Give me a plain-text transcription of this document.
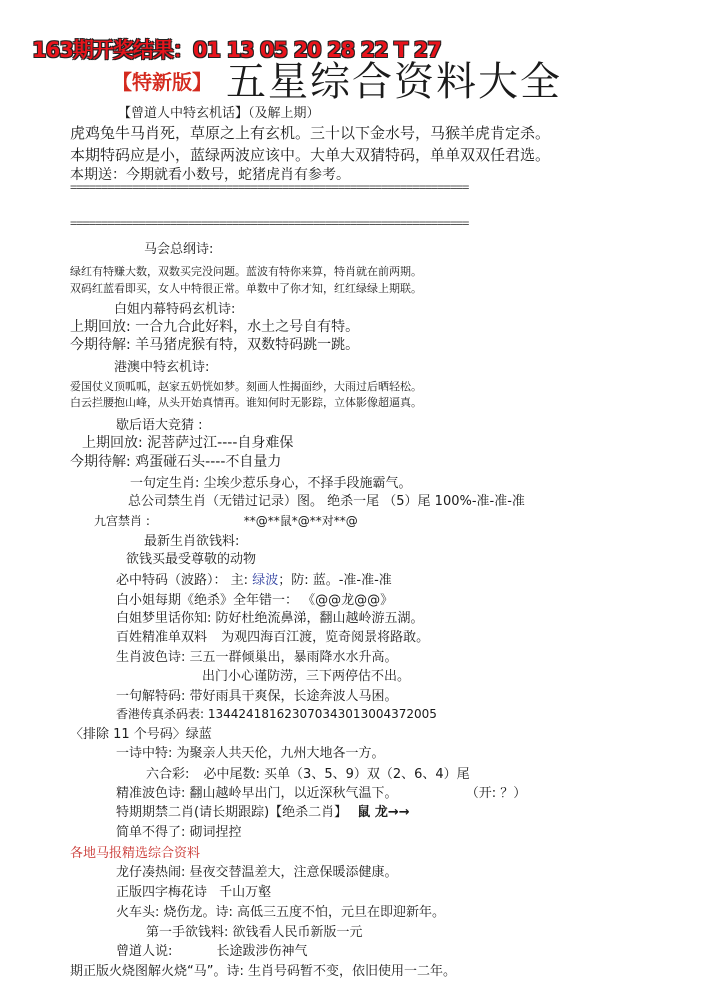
163期开奖结果：01 13 05 20 28 22 T 27
【特新版】 五星综合资料大全
【曾道人中特玄机话】（及解上期）
虎鸡兔牛马肖死，草原之上有玄机。三十以下金水号，马猴羊虎肯定杀。
本期特码应是小，蓝绿两波应该中。大单大双猜特码，单单双双任君选。
本期送：今期就看小数号，蛇猪虎肖有参考。
================================================================
================================================================
马会总纲诗:
绿红有特赚大数，双数买完没问题。蓝波有特你来算，特肖就在前两期。
双码红蓝看即买，女人中特很正常。单数中了你才知，红红绿绿上期联。
白姐内幕特码玄机诗:
上期回放: 一合九合此好料，水土之号自有特。
今期待解: 羊马猪虎猴有特，双数特码跳一跳。
港澳中特玄机诗:
爱国仗义顶呱呱，赵家五奶恍如梦。刻画人性揭面纱，大雨过后晒轻松。
白云拦腰抱山峰，从头开始真情再。谁知何时无影踪，立体影像超逼真。
歇后语大竞猜 :
上期回放: 泥菩萨过江----自身难保
今期待解: 鸡蛋碰石头----不自量力
一句定生肖: 尘埃少惹乐身心，不择手段施霸气。
总公司禁生肖（无错过记录）图。 绝杀一尾 （5）尾 100%-准-准-准
九宫禁肖 :	**@**鼠*@**对**@
最新生肖欲钱料:
欲钱买最受尊敬的动物
必中特码（波路）： 主: 绿波；防: 蓝。-准-准-准
白小姐每期《绝杀》全年错一： 《@@龙@@》
白姐梦里话你知: 防好杜绝流鼻涕，翻山越岭游五湖。
百姓精准单双料 为观四海百江渡，览奇阅景将路敢。
生肖波色诗: 三五一群倾巢出，暴雨降水水升高。
出门小心谨防涝，三下两停估不出。
一句解特码: 带好雨具干爽保，长途奔波人马困。
香港传真杀码表: 13442418162307034301300437200​5
〈排除 11 个号码〉绿蓝
一诗中特: 为聚亲人共天伦，九州大地各一方。
六合彩: 必中尾数: 买单（3、5、9）双（2、6、4）尾
精准波色诗: 翻山越岭早出门，以近深秋气温下。	（开: ？）
特期期禁二肖(请长期跟踪)【绝杀二肖】 鼠 龙→→
简单不得了: 砌词捏控
各地马报精选综合资料
龙仔凑热闹: 昼夜交替温差大，注意保暖添健康。
正版四字梅花诗 千山万壑
火车头: 烧伤龙。诗: 高低三五度不怕，元旦在即迎新年。
第一手欲钱料: 欲钱看人民币新版一元
曾道人说:	长途跋涉伤神气
期正版火烧图解火烧“马”。诗: 生肖号码暂不变，依旧使用一二年。
